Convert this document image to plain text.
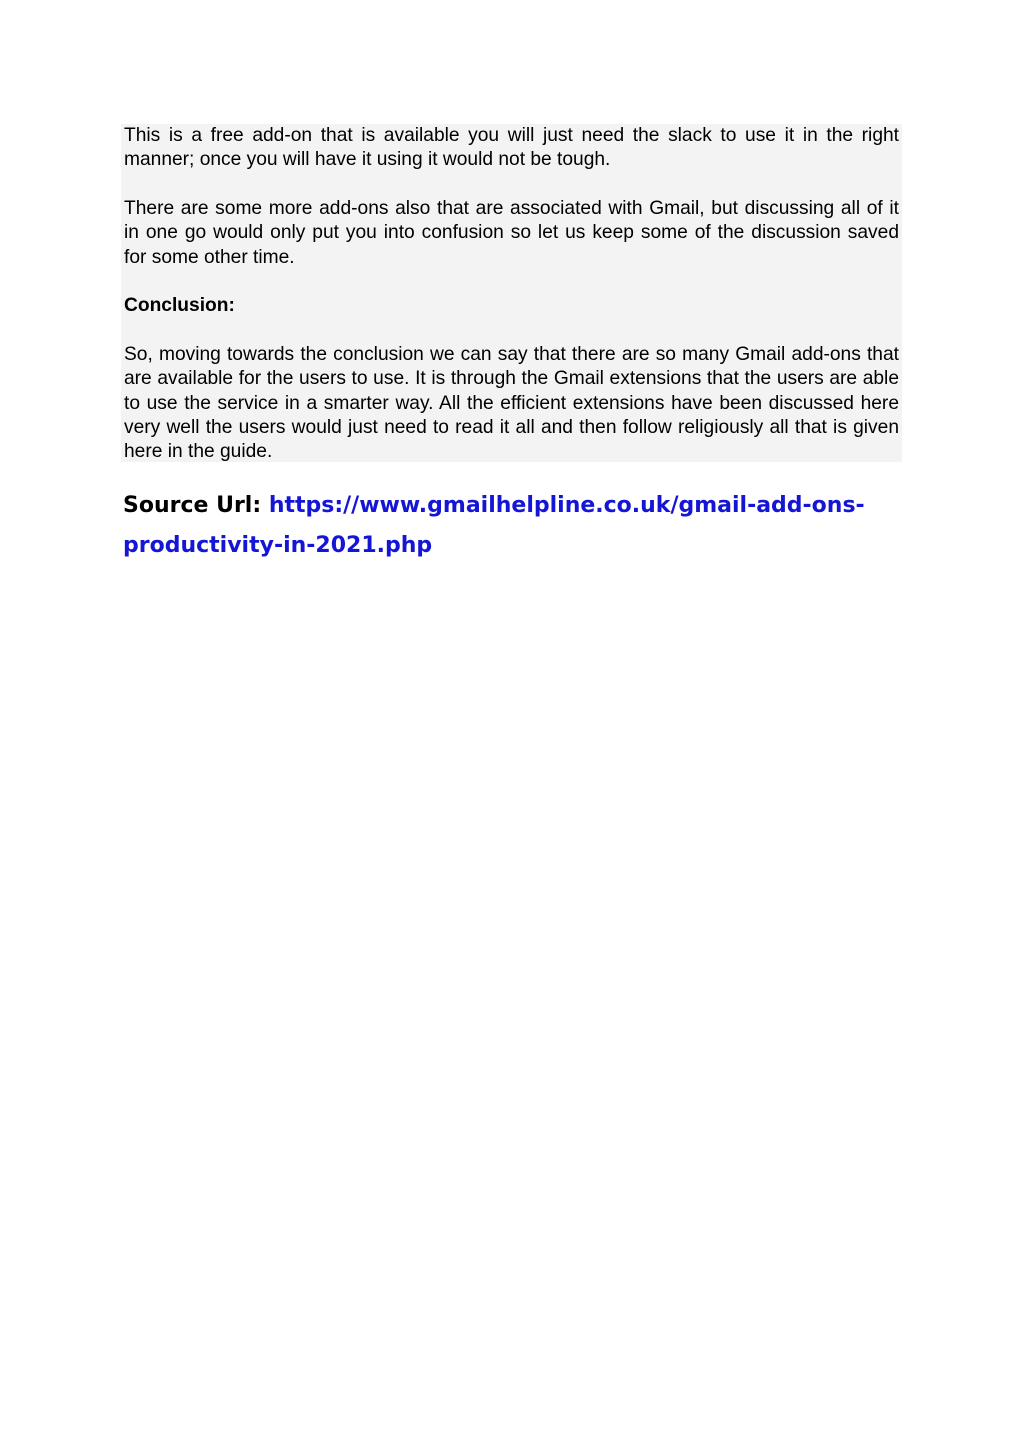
This is a free add-on that is available you will just need the slack to use it in the right manner; once you will have it using it would not be tough.

There are some more add-ons also that are associated with Gmail, but discussing all of it in one go would only put you into confusion so let us keep some of the discussion saved for some other time.

Conclusion:

So, moving towards the conclusion we can say that there are so many Gmail add-ons that are available for the users to use. It is through the Gmail extensions that the users are able to use the service in a smarter way. All the efficient extensions have been discussed here very well the users would just need to read it all and then follow religiously all that is given here in the guide.

Source Url: https://www.gmailhelpline.co.uk/gmail-add-ons-productivity-in-2021.php
